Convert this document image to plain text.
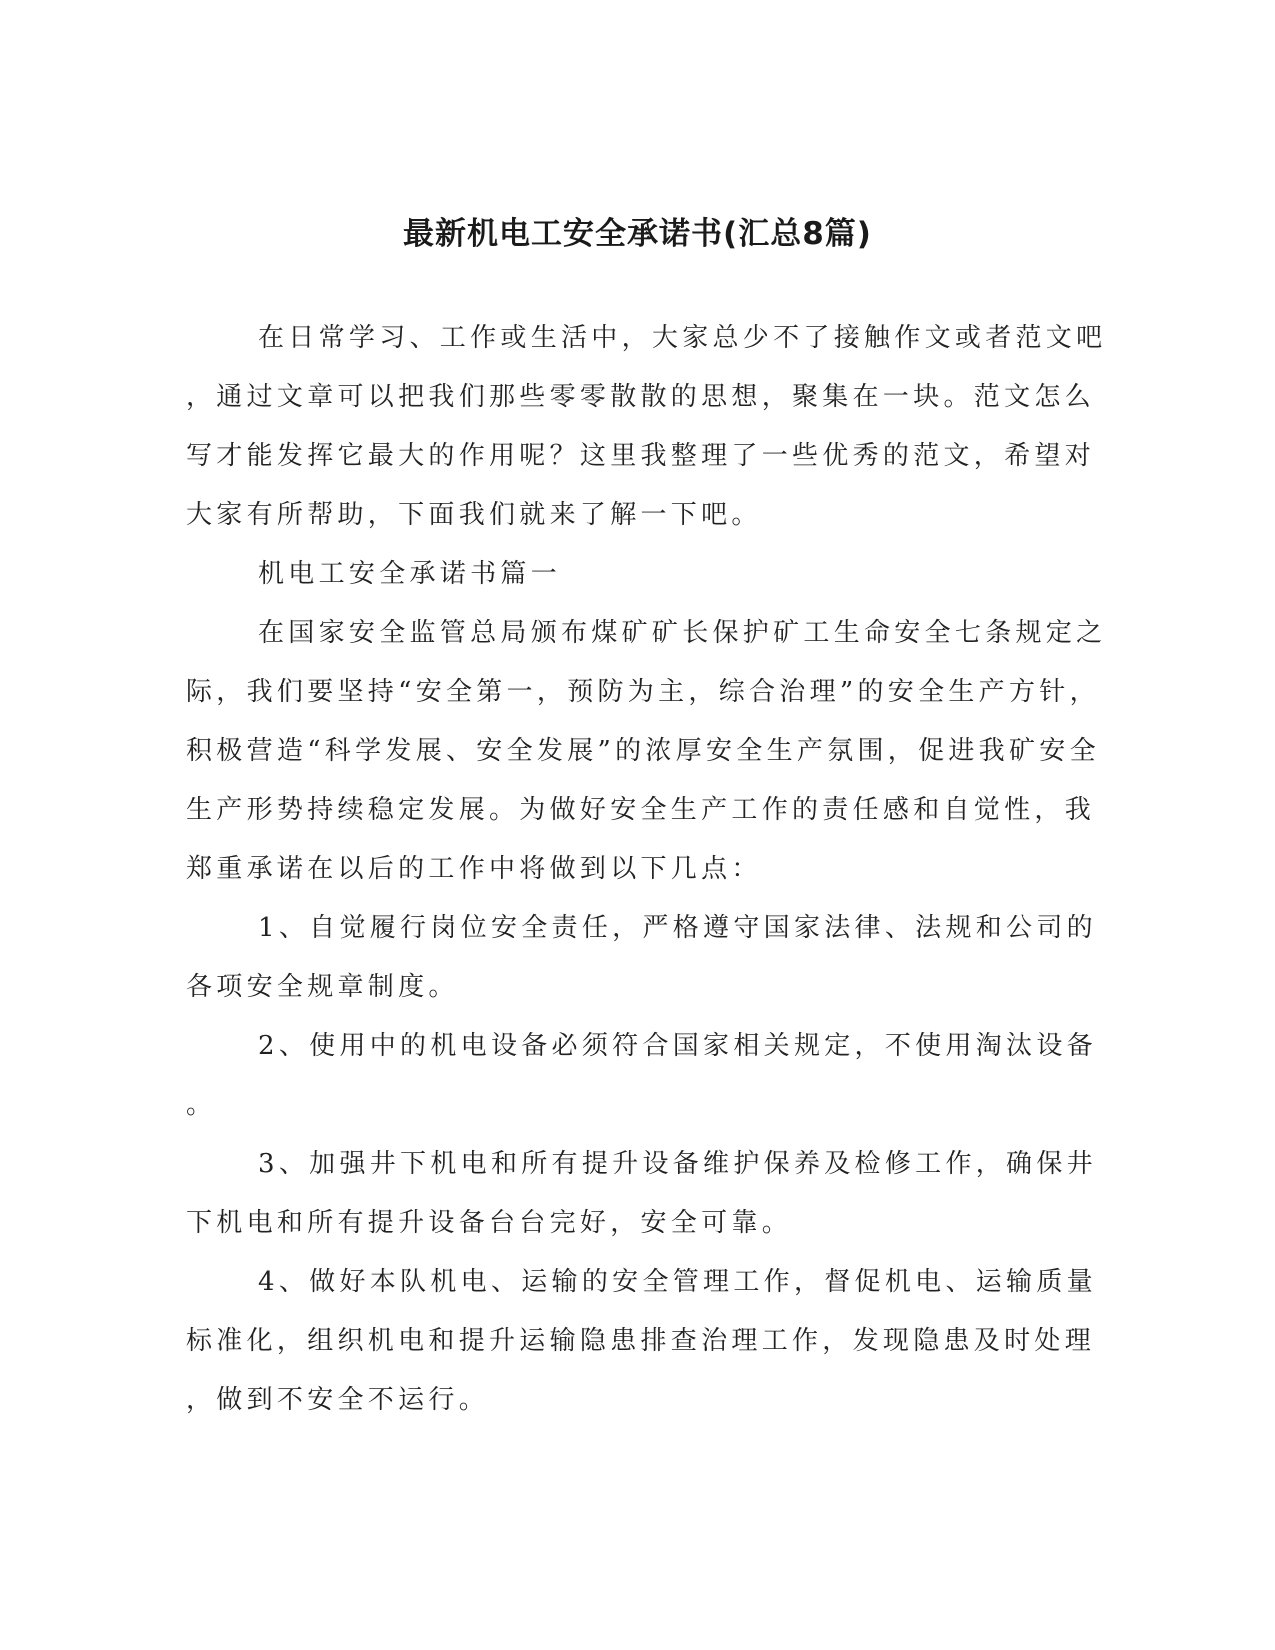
最新机电工安全承诺书(汇总8篇)
在日常学习、工作或生活中，大家总少不了接触作文或者范文吧
，通过文章可以把我们那些零零散散的思想，聚集在一块。范文怎么
写才能发挥它最大的作用呢？这里我整理了一些优秀的范文，希望对
大家有所帮助，下面我们就来了解一下吧。
机电工安全承诺书篇一
在国家安全监管总局颁布煤矿矿长保护矿工生命安全七条规定之
际，我们要坚持“安全第一，预防为主，综合治理”的安全生产方针，
积极营造“科学发展、安全发展”的浓厚安全生产氛围，促进我矿安全
生产形势持续稳定发展。为做好安全生产工作的责任感和自觉性，我
郑重承诺在以后的工作中将做到以下几点：
1、自觉履行岗位安全责任，严格遵守国家法律、法规和公司的
各项安全规章制度。
2、使用中的机电设备必须符合国家相关规定，不使用淘汰设备
。
3、加强井下机电和所有提升设备维护保养及检修工作，确保井
下机电和所有提升设备台台完好，安全可靠。
4、做好本队机电、运输的安全管理工作，督促机电、运输质量
标准化，组织机电和提升运输隐患排查治理工作，发现隐患及时处理
，做到不安全不运行。
